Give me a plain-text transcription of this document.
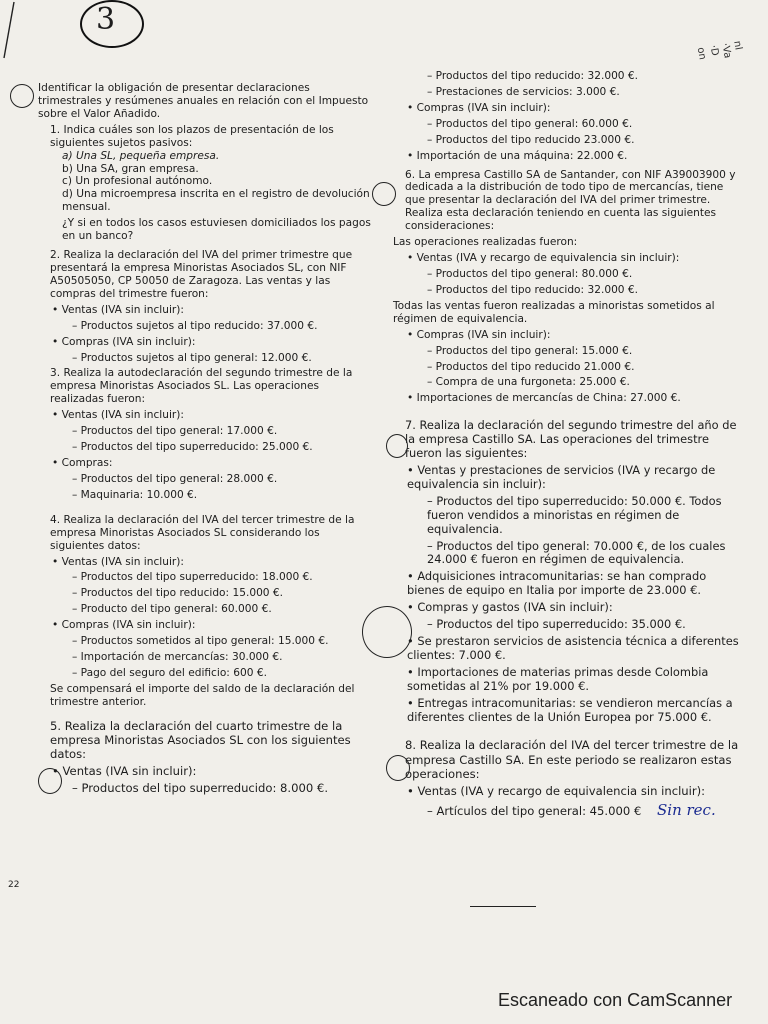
3
nl ·Va ·D on

Identificar la obligación de presentar declaraciones trimestrales y resúmenes anuales en relación con el Impuesto sobre el Valor Añadido.

1. Indica cuáles son los plazos de presentación de los siguientes sujetos pasivos:

a) Una SL, pequeña empresa.

b) Una SA, gran empresa.

c) Un profesional autónomo.

d) Una microempresa inscrita en el registro de devolución mensual.

¿Y si en todos los casos estuviesen domiciliados los pagos en un banco?

2. Realiza la declaración del IVA del primer trimestre que presentará la empresa Minoristas Asociados SL, con NIF A50505050, CP 50050 de Zaragoza. Las ventas y las compras del trimestre fueron:

• Ventas (IVA sin incluir):

– Productos sujetos al tipo reducido: 37.000 €.

• Compras (IVA sin incluir):

– Productos sujetos al tipo general: 12.000 €.

3. Realiza la autodeclaración del segundo trimestre de la empresa Minoristas Asociados SL. Las operaciones realizadas fueron:

• Ventas (IVA sin incluir):

– Productos del tipo general: 17.000 €.

– Productos del tipo superreducido: 25.000 €.

• Compras:

– Productos del tipo general: 28.000 €.

– Maquinaria: 10.000 €.

4. Realiza la declaración del IVA del tercer trimestre de la empresa Minoristas Asociados SL considerando los siguientes datos:

• Ventas (IVA sin incluir):

– Productos del tipo superreducido: 18.000 €.

– Productos del tipo reducido: 15.000 €.

– Producto del tipo general: 60.000 €.

• Compras (IVA sin incluir):

– Productos sometidos al tipo general: 15.000 €.

– Importación de mercancías: 30.000 €.

– Pago del seguro del edificio: 600 €.

Se compensará el importe del saldo de la declaración del trimestre anterior.

5. Realiza la declaración del cuarto trimestre de la empresa Minoristas Asociados SL con los siguientes datos:

• Ventas (IVA sin incluir):

– Productos del tipo superreducido: 8.000 €.

– Productos del tipo reducido: 32.000 €.

– Prestaciones de servicios: 3.000 €.

• Compras (IVA sin incluir):

– Productos del tipo general: 60.000 €.

– Productos del tipo reducido 23.000 €.

• Importación de una máquina: 22.000 €.

6. La empresa Castillo SA de Santander, con NIF A39003900 y dedicada a la distribución de todo tipo de mercancías, tiene que presentar la declaración del IVA del primer trimestre. Realiza esta declaración teniendo en cuenta las siguientes consideraciones:

Las operaciones realizadas fueron:

• Ventas (IVA y recargo de equivalencia sin incluir):

– Productos del tipo general: 80.000 €.

– Productos del tipo reducido: 32.000 €.

Todas las ventas fueron realizadas a minoristas sometidos al régimen de equivalencia.

• Compras (IVA sin incluir):

– Productos del tipo general: 15.000 €.

– Productos del tipo reducido 21.000 €.

– Compra de una furgoneta: 25.000 €.

• Importaciones de mercancías de China: 27.000 €.

7. Realiza la declaración del segundo trimestre del año de la empresa Castillo SA. Las operaciones del trimestre fueron las siguientes:

• Ventas y prestaciones de servicios (IVA y recargo de equivalencia sin incluir):

– Productos del tipo superreducido: 50.000 €. Todos fueron vendidos a minoristas en régimen de equivalencia.

– Productos del tipo general: 70.000 €, de los cuales 24.000 € fueron en régimen de equivalencia.

• Adquisiciones intracomunitarias: se han comprado bienes de equipo en Italia por importe de 23.000 €.

• Compras y gastos (IVA sin incluir):

– Productos del tipo superreducido: 35.000 €.

• Se prestaron servicios de asistencia técnica a diferentes clientes: 7.000 €.

• Importaciones de materias primas desde Colombia sometidas al 21% por 19.000 €.

• Entregas intracomunitarias: se vendieron mercancías a diferentes clientes de la Unión Europea por 75.000 €.

8. Realiza la declaración del IVA del tercer trimestre de la empresa Castillo SA. En este periodo se realizaron estas operaciones:

• Ventas (IVA y recargo de equivalencia sin incluir):

– Artículos del tipo general: 45.000 € Sin rec.

22
Escaneado con CamScanner
